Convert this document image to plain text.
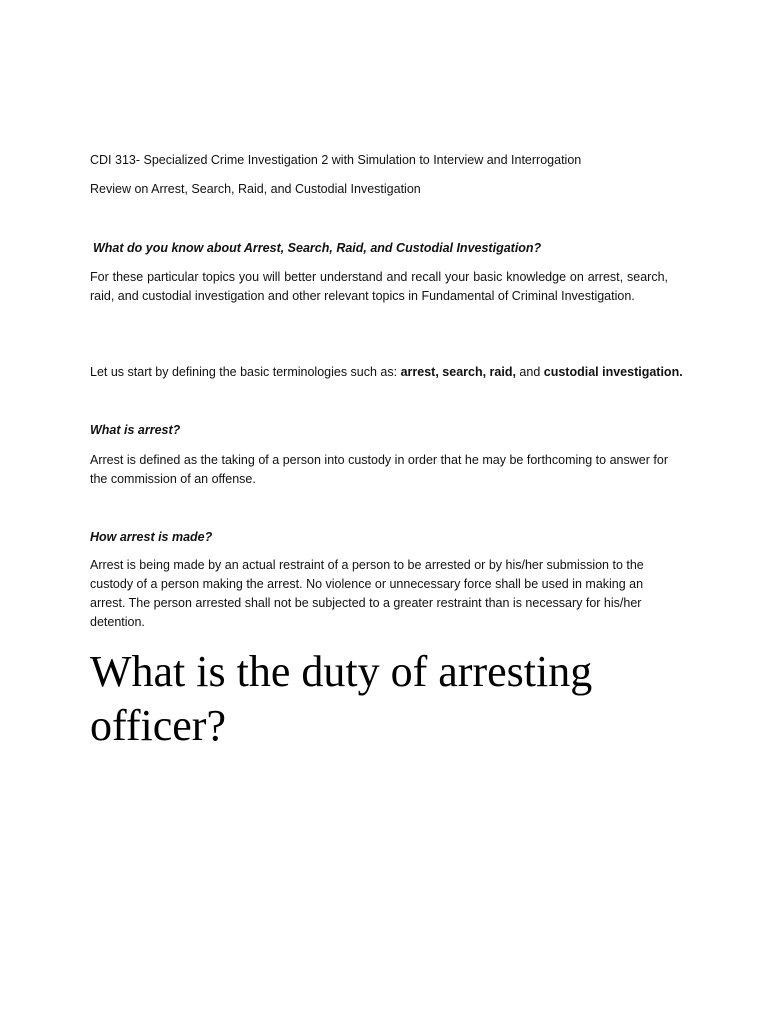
CDI 313- Specialized Crime Investigation 2 with Simulation to Interview and Interrogation

Review on Arrest, Search, Raid, and Custodial Investigation

What do you know about Arrest, Search, Raid, and Custodial Investigation?

For these particular topics you will better understand and recall your basic knowledge on arrest, search, raid, and custodial investigation and other relevant topics in Fundamental of Criminal Investigation.

Let us start by defining the basic terminologies such as: arrest, search, raid, and custodial investigation.

What is arrest?

Arrest is defined as the taking of a person into custody in order that he may be forthcoming to answer for the commission of an offense.

How arrest is made?

Arrest is being made by an actual restraint of a person to be arrested or by his/her submission to the custody of a person making the arrest. No violence or unnecessary force shall be used in making an arrest. The person arrested shall not be subjected to a greater restraint than is necessary for his/her detention.

What is the duty of arresting officer?
